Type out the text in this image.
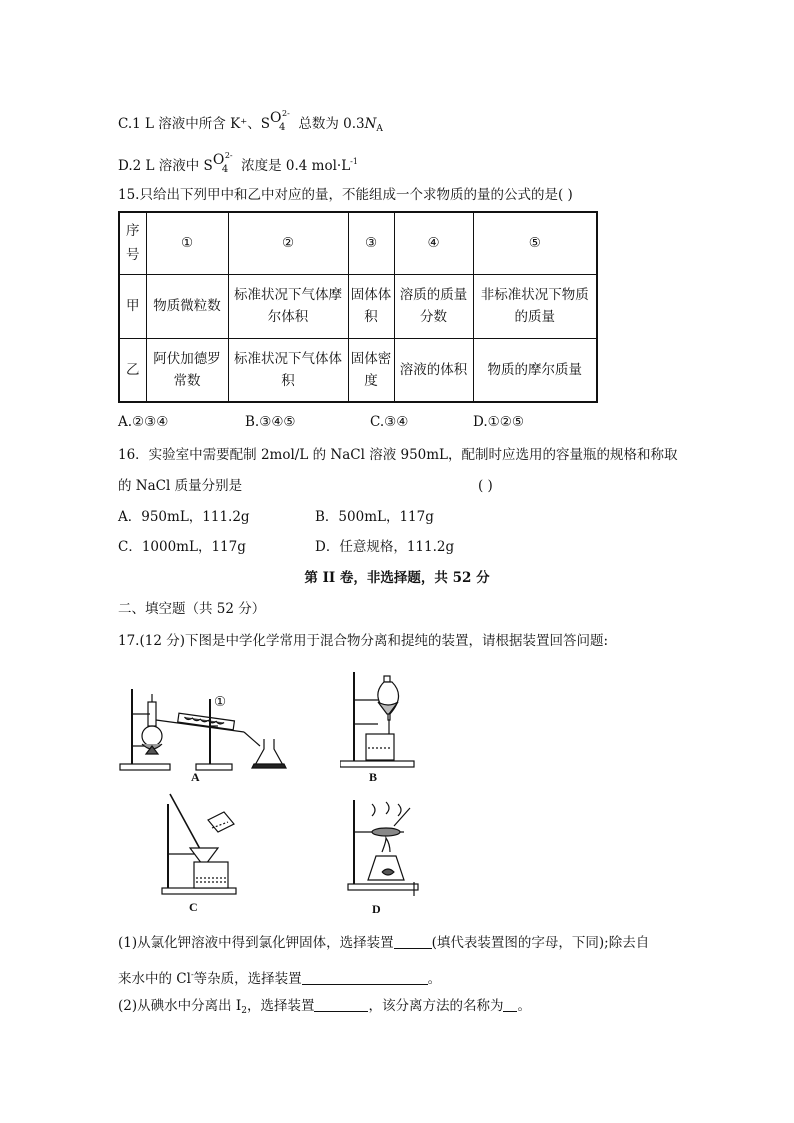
C.1 L 溶液中所含 K⁺、S O
4
2-
总数为 $0.3N_A$
D.2 L 溶液中 S O
4
2-
浓度是 0.4 $mol\cdot L^{-1}$
15.只给出下列甲中和乙中对应的量，不能组成一个求物质的量的公式的是( )
序号	①	②	③	④	⑤
甲	物质微粒数	标准状况下气体摩尔体积	固体体积	溶质的质量分数	非标准状况下物质的质量
乙	阿伏加德罗常数	标准状况下气体体积	固体密度	溶液的体积	物质的摩尔质量
A.②③④	B.③④⑤	C.③④	D.①②⑤
16．实验室中需要配制 2mol/L 的 NaCl 溶液 950mL，配制时应选用的容量瓶的规格和称取
的 NaCl 质量分别是	( )
A．950mL，111.2g	B．500mL，117g
C．1000mL，117g	D．任意规格，111.2g
第 II 卷，非选择题，共 52 分
二、填空题（共 52 分）
17.(12 分)下图是中学化学常用于混合物分离和提纯的装置，请根据装置回答问题:
①
A	B
C	D
(1)从氯化钾溶液中得到氯化钾固体，选择装置	(填代表装置图的字母，下同);除去自
来水中的 Cl-等杂质，选择装置	。
(2)从碘水中分离出 $I_2$，选择装置	，该分离方法的名称为 。
